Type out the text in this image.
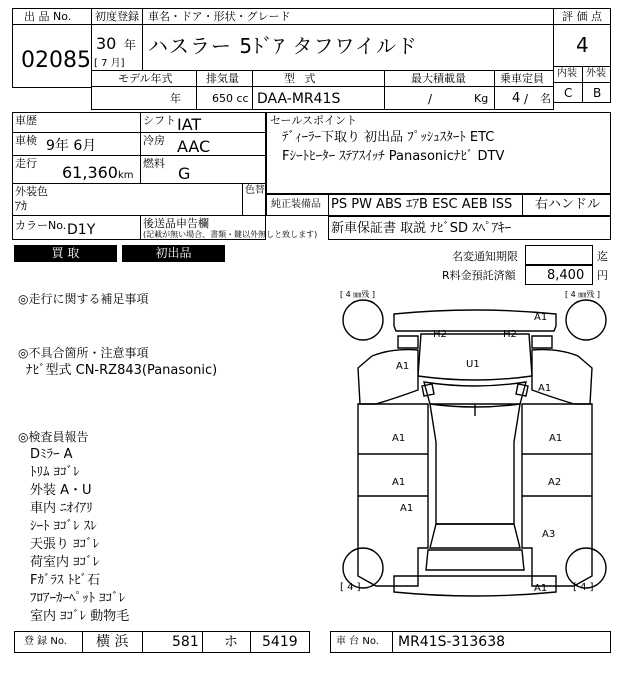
出 品 No.
02085
初度登録
30 年
[ 7 月]
車名・ドア・形状・グレード
ハスラー 5ﾄﾞｱ タフワイルド
評 価 点
4
内装 外装
C B
モデル年式	排気量	型 式	最大積載量	乗車定員
年	650 cc DAA-MR41S	/	Kg 4 / 名
車歴	シフト IAT
車検 9年 6月	冷房 AAC
走行 61,360 km
燃料
G
外装色
ｱｶ
色替
カラーNo. D1Y	後送品申告欄
(記載が無い場合、書類・鍵以外無しと致します)
セールスポイント
ﾃﾞｨｰﾗｰ下取り 初出品 ﾌﾟｯｼｭｽﾀｰﾄ ETC
Fｼｰﾄﾋｰﾀｰ ｽﾃｱｽｲｯﾁ Panasonicﾅﾋﾞ DTV
純正装備品 PS PW ABS ｴｱB ESC AEB ISS 右ハンドル
新車保証書 取説 ﾅﾋﾞSD ｽﾍﾟｱｷｰ
買 取	初出品	名変通知期限	迄
R料金預託済額 8,400 円
◎走行に関する補足事項
◎不具合箇所・注意事項
ﾅﾋﾞ型式 CN-RZ843(Panasonic)
◎検査員報告
Dﾐﾗｰ A
ﾄﾘﾑ ﾖｺﾞﾚ
外装 A・U
車内 ﾆｵｲｱﾘ
ｼｰﾄ ﾖｺﾞﾚ ｽﾚ
天張り ﾖｺﾞﾚ
荷室内 ﾖｺﾞﾚ
Fｶﾞﾗｽ ﾄﾋﾞ石
ﾌﾛｱｰｶｰﾍﾟｯﾄ ﾖｺﾞﾚ
室内 ﾖｺﾞﾚ 動物毛
[ 4 ㎜残 ]	[ 4 ㎜残 ]
[ 4 ]	[ 4 ]
A1
H2	H2
U1
A1
A1
A1	A1
A1	A2
A1
A3
A1
登 録 No. 横 浜	581 ホ 5419	車 台 No. MR41S-313638
